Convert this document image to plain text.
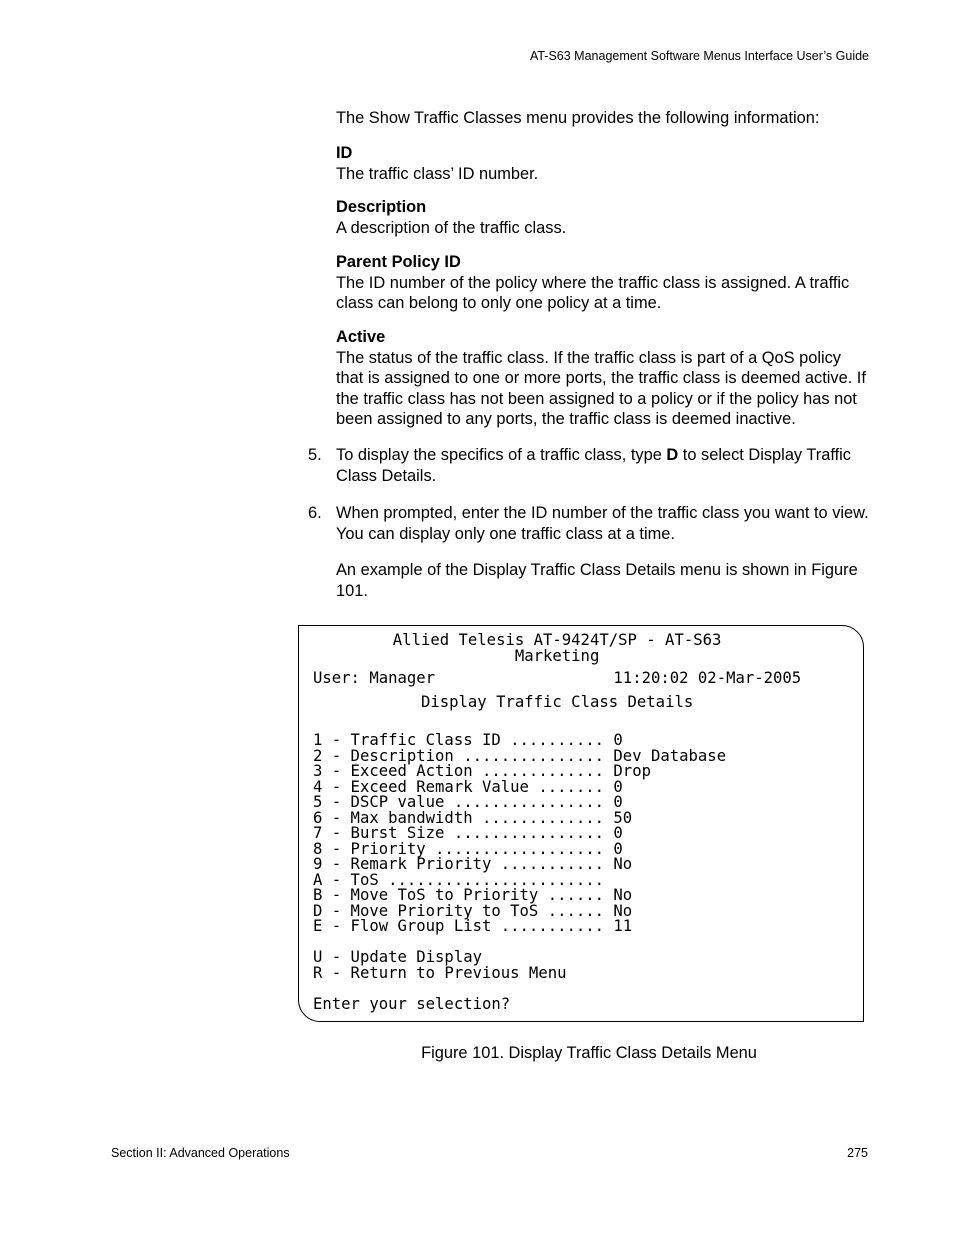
AT-S63 Management Software Menus Interface User’s Guide
The Show Traffic Classes menu provides the following information:

ID

The traffic class’ ID number.

Description

A description of the traffic class.

Parent Policy ID

The ID number of the policy where the traffic class is assigned. A traffic class can belong to only one policy at a time.

Active

The status of the traffic class. If the traffic class is part of a QoS policy that is assigned to one or more ports, the traffic class is deemed active. If the traffic class has not been assigned to a policy or if the policy has not been assigned to any ports, the traffic class is deemed inactive.

5. To display the specifics of a traffic class, type D to select Display Traffic Class Details.
6. When prompted, enter the ID number of the traffic class you want to view. You can display only one traffic class at a time.
An example of the Display Traffic Class Details menu is shown in Figure 101.
Allied Telesis AT-9424T/SP - AT-S63
Marketing
User: Manager                   11:20:02 02-Mar-2005
Display Traffic Class Details
1 - Traffic Class ID .......... 0
2 - Description ............... Dev Database
3 - Exceed Action ............. Drop
4 - Exceed Remark Value ....... 0
5 - DSCP value ................ 0
6 - Max bandwidth ............. 50
7 - Burst Size ................ 0
8 - Priority .................. 0
9 - Remark Priority ........... No
A - ToS .......................
B - Move ToS to Priority ...... No
D - Move Priority to ToS ...... No
E - Flow Group List ........... 11
U - Update Display
R - Return to Previous Menu
Enter your selection?
Figure 101. Display Traffic Class Details Menu
Section II: Advanced Operations	275
